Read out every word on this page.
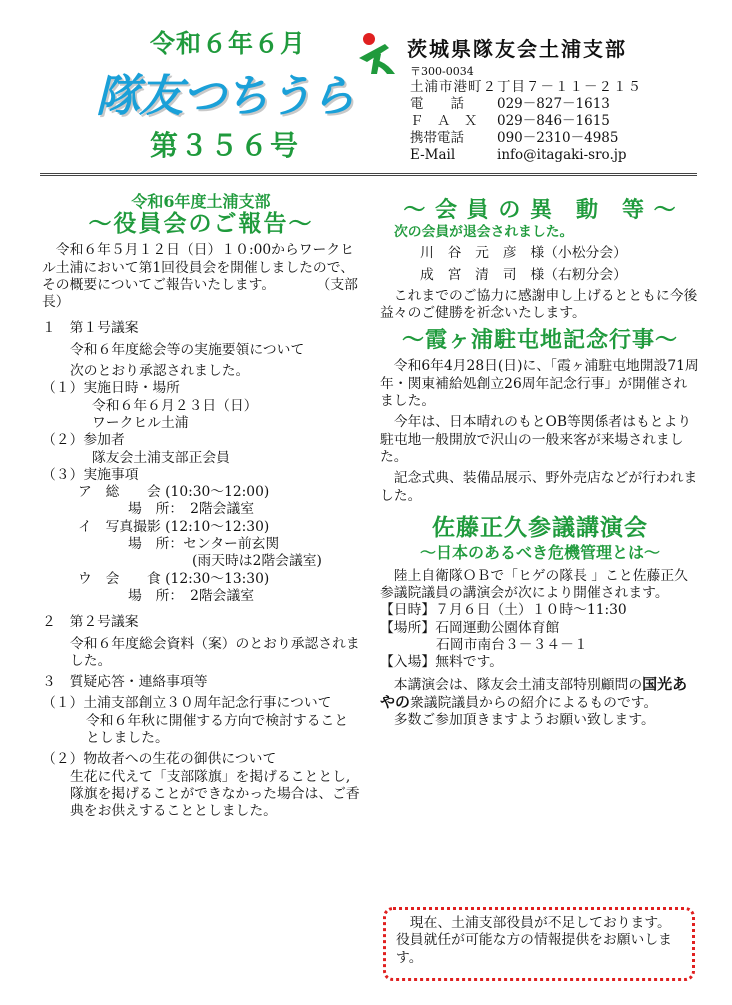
令和６年６月
隊友つちうら
第３５６号
茨城県隊友会土浦支部
〒300-0034
土浦市港町２丁目７－１１－２１５
電　　話 029－827－1613
Ｆ　Ａ　Ｘ 029－846－1615
携帯電話 090－2310－4985
E-Mail	info@itagaki-sro.jp
令和6年度土浦支部
～役員会のご報告～

　令和６年５月１２日（日）１０:00からワークヒル土浦において第1回役員会を開催しましたので、その概要についてご報告いたします。　　　　（支部長）

１　第１号議案

令和６年度総会等の実施要領について

次のとおり承認されました。

（１）実施日時・場所

令和６年６月２３日（日）

ワークヒル土浦

（２）参加者

隊友会土浦支部正会員

（３）実施事項

ア　総　　会 (10:30～12:00)

場　所：　2階会議室

イ　写真撮影 (12:10～12:30)

場　所：センター前玄関

(雨天時は2階会議室)

ウ　会　　食 (12:30～13:30)

場　所：　2階会議室

２　第２号議案

令和６年度総会資料（案）のとおり承認されました。

３　質疑応答・連絡事項等

（１）土浦支部創立３０周年記念行事について

令和６年秋に開催する方向で検討することとしました。

（２）物故者への生花の御供について

生花に代えて「支部隊旗」を掲げることとし,隊旗を掲げることができなかった場合は、ご香典をお供えすることとしました。

～ 会 員 の 異　動　等 ～

次の会員が退会されました。

川　谷　元　彦　様（小松分会）

成　宮　清　司　様（右籾分会）

　これまでのご協力に感謝申し上げるとともに今後益々のご健勝を祈念いたします。

～霞ヶ浦駐屯地記念行事～

　令和6年4月28日(日)に、「霞ヶ浦駐屯地開設71周年・関東補給処創立26周年記念行事」が開催されました。

　今年は、日本晴れのもとOB等関係者はもとより駐屯地一般開放で沢山の一般来客が来場されました。

　記念式典、装備品展示、野外売店などが行われました。

佐藤正久参議講演会
～日本のあるべき危機管理とは～

　陸上自衛隊ＯＢで「ヒゲの隊長 」こと佐藤正久参議院議員の講演会が次により開催されます。

【日時】７月６日（土）１０時～11:30

【場所】石岡運動公園体育館

石岡市南台３－３４－１

【入場】無料です。

　本講演会は、隊友会土浦支部特別顧問の国光あやの衆議院議員からの紹介によるものです。

　多数ご参加頂きますようお願い致します。

　現在、土浦支部役員が不足しております。役員就任が可能な方の情報提供をお願いします。
